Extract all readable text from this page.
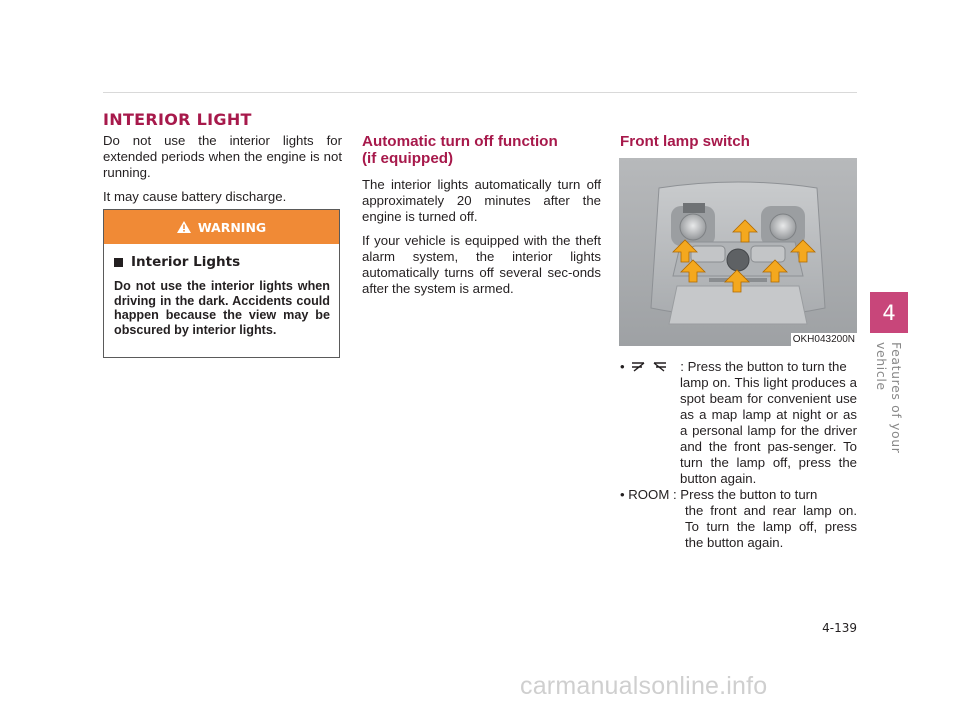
INTERIOR LIGHT

Do not use the interior lights for extended periods when the engine is not running.

It may cause battery discharge.

WARNING
Interior Lights
Do not use the interior lights when driving in the dark. Accidents could happen because the view may be obscured by interior lights.
Automatic turn off function
(if equipped)

The interior lights automatically turn off approximately 20 minutes after the engine is turned off.

If your vehicle is equipped with the theft alarm system, the interior lights automatically turns off several sec-onds after the system is armed.

Front lamp switch
OKH043200N
•	: Press the button to turn the
lamp on. This light produces a spot beam for convenient use as a map lamp at night or as a personal lamp for the driver and the front pas-senger. To turn the lamp off, press the button again.
• ROOM : Press the button to turn
the front and rear lamp on. To turn the lamp off, press the button again.
4
Features of your vehicle
4-139
carmanualsonline.info
